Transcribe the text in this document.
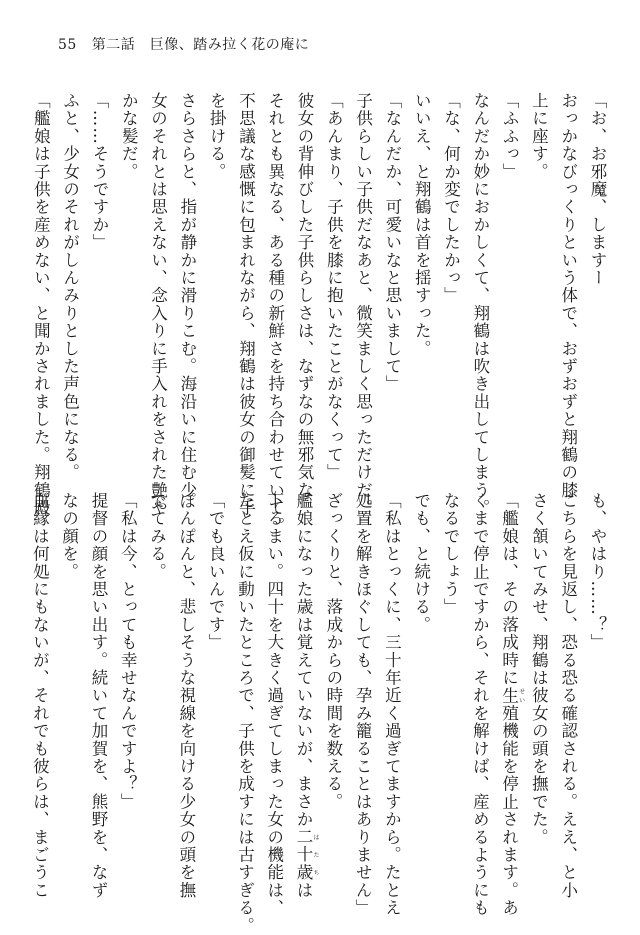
55 第二話　巨像、踏み拉く花の庵に
「お、お邪魔、しますー
おっかなびっくりという体で、おずおずと翔鶴の膝
上に座す。
「ふふっ」
なんだか妙におかしくて、翔鶴は吹き出してしまう。
「な、何か変でしたかっ」
いいえ、と翔鶴は首を揺すった。
「なんだか、可愛いなと思いまして」
子供らしい子供だなあと、微笑ましく思っただけだ。
「あんまり、子供を膝に抱いたことがなくって」
彼女の背伸びした子供らしさは、なずなの無邪気な
それとも異なる、ある種の新鮮さを持ち合わせていて。
不思議な感慨に包まれながら、翔鶴は彼女の御髪に手
を掛ける。
さらさらと、指が静かに滑りこむ。海沿いに住む少
女のそれとは思えない、念入りに手入れをされた艶や
かな髪だ。
「……そうですか」
ふと、少女のそれがしんみりとした声色になる。
「艦娘は子供を産めない、と聞かされました。翔鶴殿
も、やはり……？」
こちらを見返し、恐る恐る確認される。ええ、と小
さく頷いてみせ、翔鶴は彼女の頭を撫でた。
「艦娘は、その落成時に生 せい殖機能を停止されます。あ
くまで停止ですから、それを解けば、産めるようにも
なるでしょう」
でも、と続ける。
「私はとっくに、三十年近く過ぎてますから。たとえ
処置を解きほぐしても、孕み籠ることはありません」
ざっくりと、落成からの時間を数える。
艦娘になった歳は覚えていないが、まさか二十歳 はたちは
下るまい。四十を大きく過ぎてしまった女の機能は、
たとえ仮に動いたところで、子供を成すには古すぎる。
「でも良いんです」
ぽんぽんと、悲しそうな視線を向ける少女の頭を撫
でてみる。
「私は今、とっても幸せなんですよ？」
提督の顔を思い出す。続いて加賀を、熊野を、なず
なの顔を。
血縁は何処にもないが、それでも彼らは、まごうこ
